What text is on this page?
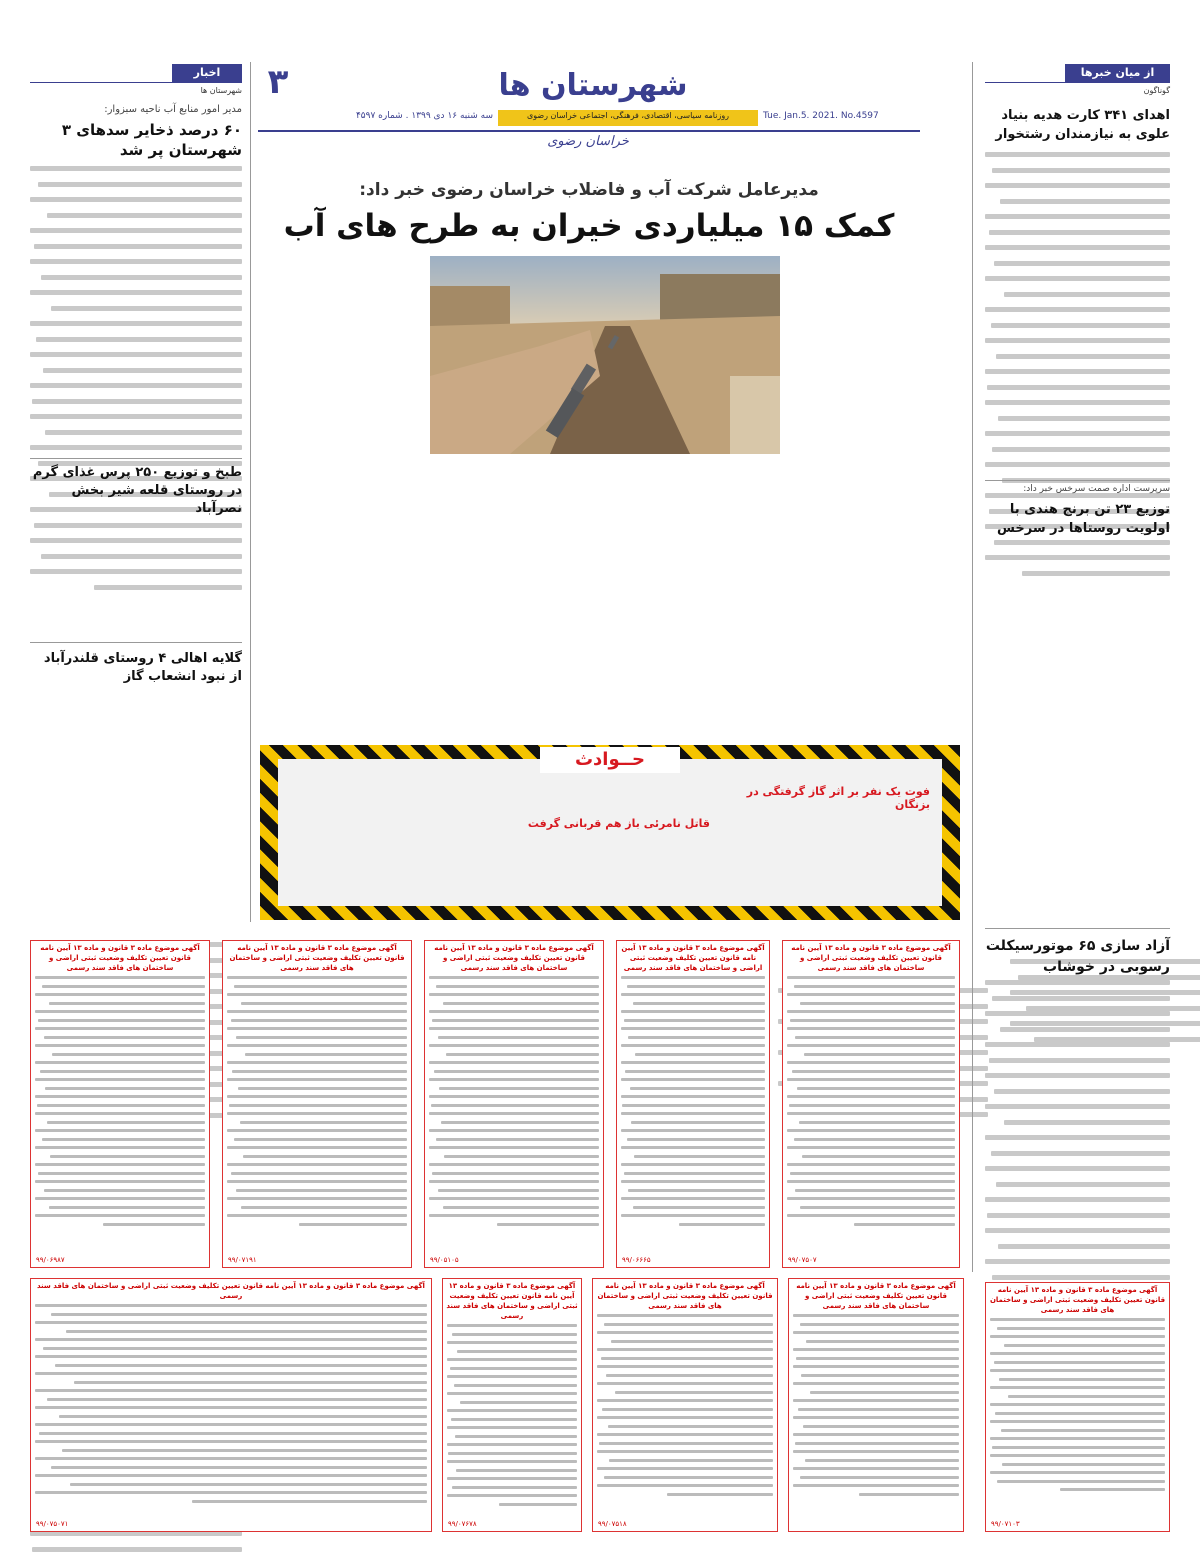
۳	شهرستان ها
روزنامه سیاسی، اقتصادی، فرهنگی، اجتماعی خراسان رضوی
سه شنبه ۱۶ دی ۱۳۹۹ . شماره ۴۵۹۷	Tue. Jan.5. 2021. No.4597
خراسان رضوی
مدیرعامل شرکت آب و فاضلاب خراسان رضوی خبر داد:
کمک ۱۵ میلیاردی خیران به طرح های آب
حــوادث
فوت یک نفر بر اثر گاز گرفتگی در بزنگان
قاتل نامرئی باز هم قربانی گرفت
اخبار
شهرستان ها
مدیر امور منابع آب ناحیه سبزوار:
۶۰ درصد ذخایر سدهای ۳ شهرستان پر شد
طبخ و توزیع ۲۵۰ پرس غذای گرم در روستای قلعه شیر بخش نصرآباد
گلایه اهالی ۴ روستای قلندرآباد از نبود انشعاب گاز
از میان خبرها
گوناگون
اهدای ۳۴۱ کارت هدیه بنیاد علوی به نیازمندان رشتخوار
سرپرست اداره صمت سرخس خبر داد:
توزیع ۲۳ تن برنج هندی با اولویت روستاها در سرخس
آزاد سازی ۶۵ موتورسیکلت رسوبی در خوشاب
آگهی موضوع ماده ۳ قانون و ماده ۱۳ آیین نامه قانون تعیین تکلیف وضعیت ثبتی اراضی و ساختمان های فاقد سند رسمی
۹۹/۰۶۹۸۷
آگهی موضوع ماده ۳ قانون و ماده ۱۳ آیین نامه قانون تعیین تکلیف وضعیت ثبتی اراضی و ساختمان های فاقد سند رسمی
۹۹/۰۷۱۹۱
آگهی موضوع ماده ۳ قانون و ماده ۱۳ آیین نامه قانون تعیین تکلیف وضعیت ثبتی اراضی و ساختمان های فاقد سند رسمی
۹۹/۰۵۱۰۵
آگهی موضوع ماده ۳ قانون و ماده ۱۳ آیین نامه قانون تعیین تکلیف وضعیت ثبتی اراضی و ساختمان های فاقد سند رسمی
۹۹/۰۶۶۶۵
آگهی موضوع ماده ۳ قانون و ماده ۱۳ آیین نامه قانون تعیین تکلیف وضعیت ثبتی اراضی و ساختمان های فاقد سند رسمی
۹۹/۰۷۵۰۷
آگهی موضوع ماده ۳ قانون و ماده ۱۳ آیین نامه قانون تعیین تکلیف وضعیت ثبتی اراضی و ساختمان های فاقد سند رسمی
۹۹/۰۷۵۰۷۱
آگهی موضوع ماده ۳ قانون و ماده ۱۳ آیین نامه قانون تعیین تکلیف وضعیت ثبتی اراضی و ساختمان های فاقد سند رسمی
۹۹/۰۷۶۷۸
آگهی موضوع ماده ۳ قانون و ماده ۱۳ آیین نامه قانون تعیین تکلیف وضعیت ثبتی اراضی و ساختمان های فاقد سند رسمی
۹۹/۰۷۵۱۸
آگهی موضوع ماده ۳ قانون و ماده ۱۳ آیین نامه قانون تعیین تکلیف وضعیت ثبتی اراضی و ساختمان های فاقد سند رسمی
آگهی موضوع ماده ۳ قانون و ماده ۱۳ آیین نامه قانون تعیین تکلیف وضعیت ثبتی اراضی و ساختمان های فاقد سند رسمی
۹۹/۰۷۱۰۳
